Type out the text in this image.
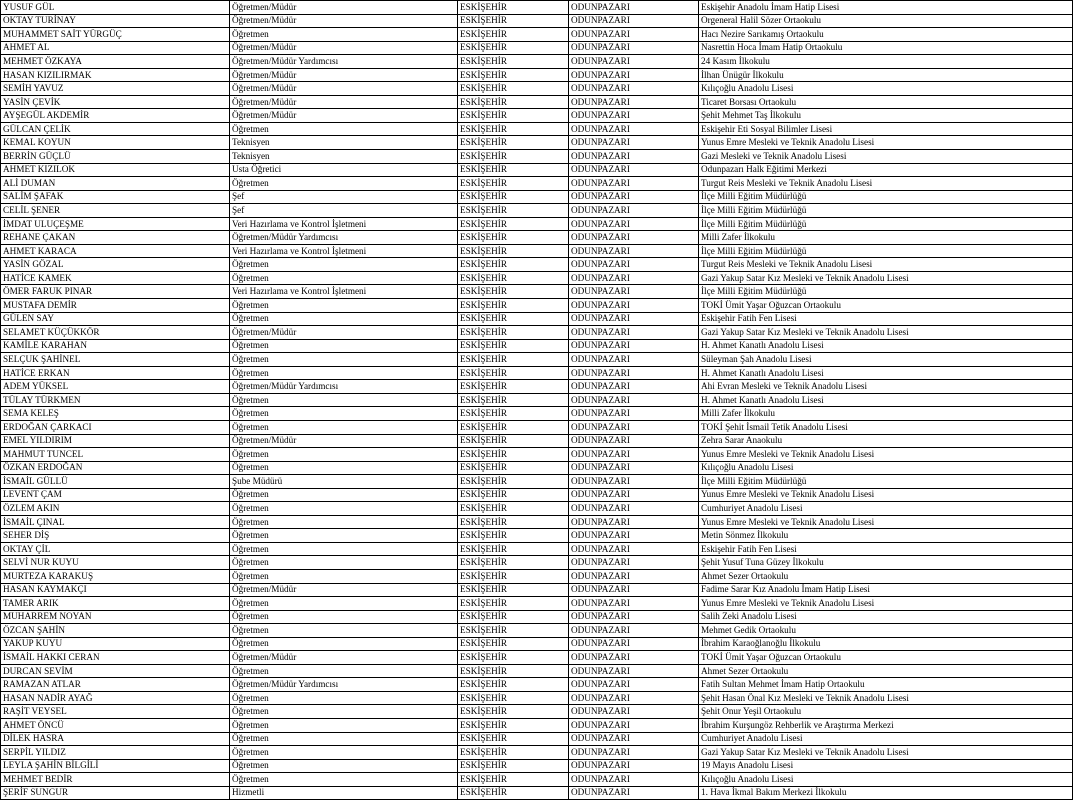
YUSUF GÜL	Öğretmen/Müdür	ESKİŞEHİR	ODUNPAZARI	Eskişehir Anadolu İmam Hatip Lisesi
OKTAY TURİNAY	Öğretmen/Müdür	ESKİŞEHİR	ODUNPAZARI	Orgeneral Halil Sözer Ortaokulu
MUHAMMET SAİT YÜRGÜÇ	Öğretmen	ESKİŞEHİR	ODUNPAZARI	Hacı Nezire Sarıkamış Ortaokulu
AHMET AL	Öğretmen/Müdür	ESKİŞEHİR	ODUNPAZARI	Nasrettin Hoca İmam Hatip Ortaokulu
MEHMET ÖZKAYA	Öğretmen/Müdür Yardımcısı	ESKİŞEHİR	ODUNPAZARI	24 Kasım İlkokulu
HASAN KIZILIRMAK	Öğretmen/Müdür	ESKİŞEHİR	ODUNPAZARI	İlhan Ünügür İlkokulu
SEMİH YAVUZ	Öğretmen/Müdür	ESKİŞEHİR	ODUNPAZARI	Kılıçoğlu Anadolu Lisesi
YASİN ÇEVİK	Öğretmen/Müdür	ESKİŞEHİR	ODUNPAZARI	Ticaret Borsası Ortaokulu
AYŞEGÜL AKDEMİR	Öğretmen/Müdür	ESKİŞEHİR	ODUNPAZARI	Şehit Mehmet Taş İlkokulu
GÜLCAN ÇELİK	Öğretmen	ESKİŞEHİR	ODUNPAZARI	Eskişehir Eti Sosyal Bilimler Lisesi
KEMAL KOYUN	Teknisyen	ESKİŞEHİR	ODUNPAZARI	Yunus Emre Mesleki ve Teknik Anadolu Lisesi
BERRİN GÜÇLÜ	Teknisyen	ESKİŞEHİR	ODUNPAZARI	Gazi Mesleki ve Teknik Anadolu Lisesi
AHMET KIZILOK	Usta Öğretici	ESKİŞEHİR	ODUNPAZARI	Odunpazarı Halk Eğitimi Merkezi
ALİ DUMAN	Öğretmen	ESKİŞEHİR	ODUNPAZARI	Turgut Reis Mesleki ve Teknik Anadolu Lisesi
SALİM ŞAFAK	Şef	ESKİŞEHİR	ODUNPAZARI	İlçe Milli Eğitim Müdürlüğü
CELİL ŞENER	Şef	ESKİŞEHİR	ODUNPAZARI	İlçe Milli Eğitim Müdürlüğü
İMDAT ULUÇEŞME	Veri Hazırlama ve Kontrol İşletmeni	ESKİŞEHİR	ODUNPAZARI	İlçe Milli Eğitim Müdürlüğü
REHANE ÇAKAN	Öğretmen/Müdür Yardımcısı	ESKİŞEHİR	ODUNPAZARI	Milli Zafer İlkokulu
AHMET KARACA	Veri Hazırlama ve Kontrol İşletmeni	ESKİŞEHİR	ODUNPAZARI	İlçe Milli Eğitim Müdürlüğü
YASİN GÖZAL	Öğretmen	ESKİŞEHİR	ODUNPAZARI	Turgut Reis Mesleki ve Teknik Anadolu Lisesi
HATİCE KAMEK	Öğretmen	ESKİŞEHİR	ODUNPAZARI	Gazi Yakup Satar Kız Mesleki ve Teknik Anadolu Lisesi
ÖMER FARUK PINAR	Veri Hazırlama ve Kontrol İşletmeni	ESKİŞEHİR	ODUNPAZARI	İlçe Milli Eğitim Müdürlüğü
MUSTAFA DEMİR	Öğretmen	ESKİŞEHİR	ODUNPAZARI	TOKİ Ümit Yaşar Oğuzcan Ortaokulu
GÜLEN SAY	Öğretmen	ESKİŞEHİR	ODUNPAZARI	Eskişehir Fatih Fen Lisesi
SELAMET KÜÇÜKKÖR	Öğretmen/Müdür	ESKİŞEHİR	ODUNPAZARI	Gazi Yakup Satar Kız Mesleki ve Teknik Anadolu Lisesi
KAMİLE KARAHAN	Öğretmen	ESKİŞEHİR	ODUNPAZARI	H. Ahmet Kanatlı Anadolu Lisesi
SELÇUK ŞAHİNEL	Öğretmen	ESKİŞEHİR	ODUNPAZARI	Süleyman Şah Anadolu Lisesi
HATİCE ERKAN	Öğretmen	ESKİŞEHİR	ODUNPAZARI	H. Ahmet Kanatlı Anadolu Lisesi
ADEM YÜKSEL	Öğretmen/Müdür Yardımcısı	ESKİŞEHİR	ODUNPAZARI	Ahi Evran Mesleki ve Teknik Anadolu Lisesi
TÜLAY TÜRKMEN	Öğretmen	ESKİŞEHİR	ODUNPAZARI	H. Ahmet Kanatlı Anadolu Lisesi
SEMA KELEŞ	Öğretmen	ESKİŞEHİR	ODUNPAZARI	Milli Zafer İlkokulu
ERDOĞAN ÇARKACI	Öğretmen	ESKİŞEHİR	ODUNPAZARI	TOKİ Şehit İsmail Tetik Anadolu Lisesi
EMEL YILDIRIM	Öğretmen/Müdür	ESKİŞEHİR	ODUNPAZARI	Zehra Sarar Anaokulu
MAHMUT TUNCEL	Öğretmen	ESKİŞEHİR	ODUNPAZARI	Yunus Emre Mesleki ve Teknik Anadolu Lisesi
ÖZKAN ERDOĞAN	Öğretmen	ESKİŞEHİR	ODUNPAZARI	Kılıçoğlu Anadolu Lisesi
İSMAİL GÜLLÜ	Şube Müdürü	ESKİŞEHİR	ODUNPAZARI	İlçe Milli Eğitim Müdürlüğü
LEVENT ÇAM	Öğretmen	ESKİŞEHİR	ODUNPAZARI	Yunus Emre Mesleki ve Teknik Anadolu Lisesi
ÖZLEM AKIN	Öğretmen	ESKİŞEHİR	ODUNPAZARI	Cumhuriyet Anadolu Lisesi
İSMAİL ÇINAL	Öğretmen	ESKİŞEHİR	ODUNPAZARI	Yunus Emre Mesleki ve Teknik Anadolu Lisesi
SEHER DİŞ	Öğretmen	ESKİŞEHİR	ODUNPAZARI	Metin Sönmez İlkokulu
OKTAY ÇİL	Öğretmen	ESKİŞEHİR	ODUNPAZARI	Eskişehir Fatih Fen Lisesi
SELVİ NUR KUYU	Öğretmen	ESKİŞEHİR	ODUNPAZARI	Şehit Yusuf Tuna Güzey İlkokulu
MURTEZA KARAKUŞ	Öğretmen	ESKİŞEHİR	ODUNPAZARI	Ahmet Sezer Ortaokulu
HASAN KAYMAKÇI	Öğretmen/Müdür	ESKİŞEHİR	ODUNPAZARI	Fadime Sarar Kız Anadolu İmam Hatip Lisesi
TAMER ARIK	Öğretmen	ESKİŞEHİR	ODUNPAZARI	Yunus Emre Mesleki ve Teknik Anadolu Lisesi
MUHARREM NOYAN	Öğretmen	ESKİŞEHİR	ODUNPAZARI	Salih Zeki Anadolu Lisesi
ÖZCAN ŞAHİN	Öğretmen	ESKİŞEHİR	ODUNPAZARI	Mehmet Gedik Ortaokulu
YAKUP KUYU	Öğretmen	ESKİŞEHİR	ODUNPAZARI	İbrahim Karaoğlanoğlu İlkokulu
İSMAİL HAKKI CERAN	Öğretmen/Müdür	ESKİŞEHİR	ODUNPAZARI	TOKİ Ümit Yaşar Oğuzcan Ortaokulu
DURCAN SEVİM	Öğretmen	ESKİŞEHİR	ODUNPAZARI	Ahmet Sezer Ortaokulu
RAMAZAN ATLAR	Öğretmen/Müdür Yardımcısı	ESKİŞEHİR	ODUNPAZARI	Fatih Sultan Mehmet İmam Hatip Ortaokulu
HASAN NADİR AYAĞ	Öğretmen	ESKİŞEHİR	ODUNPAZARI	Şehit Hasan Önal Kız Mesleki ve Teknik Anadolu Lisesi
RAŞİT VEYSEL	Öğretmen	ESKİŞEHİR	ODUNPAZARI	Şehit Onur Yeşil Ortaokulu
AHMET ÖNCÜ	Öğretmen	ESKİŞEHİR	ODUNPAZARI	İbrahim Kurşungöz Rehberlik ve Araştırma Merkezi
DİLEK HASRA	Öğretmen	ESKİŞEHİR	ODUNPAZARI	Cumhuriyet Anadolu Lisesi
SERPİL YILDIZ	Öğretmen	ESKİŞEHİR	ODUNPAZARI	Gazi Yakup Satar Kız Mesleki ve Teknik Anadolu Lisesi
LEYLA ŞAHİN BİLGİLİ	Öğretmen	ESKİŞEHİR	ODUNPAZARI	19 Mayıs Anadolu Lisesi
MEHMET BEDİR	Öğretmen	ESKİŞEHİR	ODUNPAZARI	Kılıçoğlu Anadolu Lisesi
ŞERİF SUNGUR	Hizmetli	ESKİŞEHİR	ODUNPAZARI	1. Hava İkmal Bakım Merkezi İlkokulu
